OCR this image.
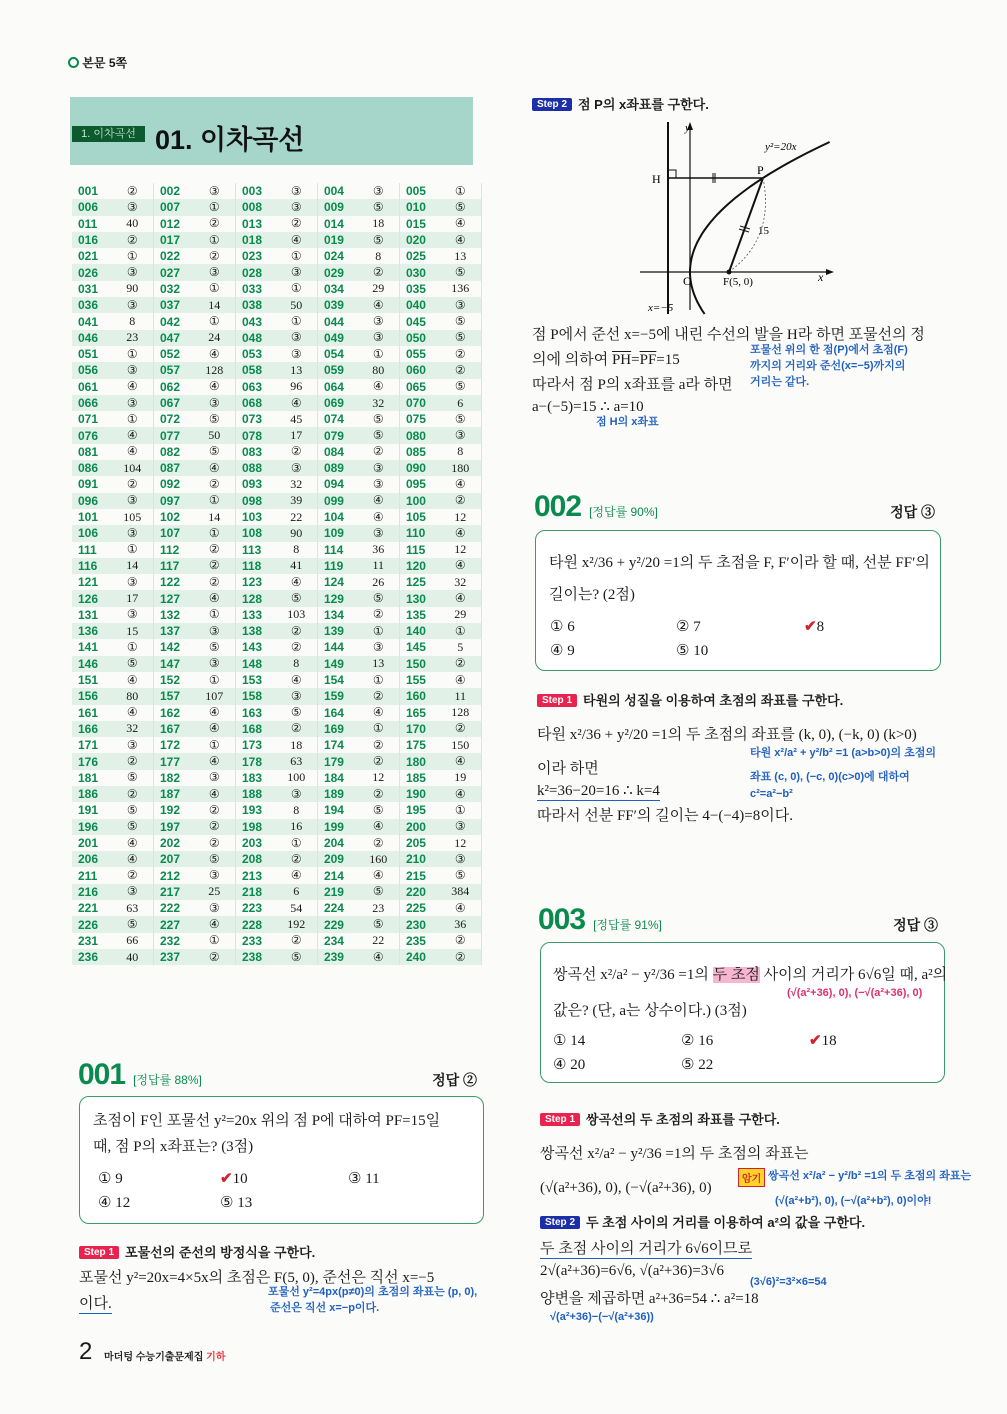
본문 5쪽
1. 이차곡선 01. 이차곡선
001	②	002	③	003	③	004	③	005	①
006	③	007	①	008	③	009	⑤	010	⑤
011	40	012	②	013	②	014	18	015	④
016	②	017	①	018	④	019	⑤	020	④
021	①	022	②	023	①	024	8	025	13
026	③	027	③	028	③	029	②	030	⑤
031	90	032	①	033	①	034	29	035	136
036	③	037	14	038	50	039	④	040	③
041	8	042	①	043	①	044	③	045	⑤
046	23	047	24	048	③	049	③	050	⑤
051	①	052	④	053	③	054	①	055	②
056	③	057	128	058	13	059	80	060	②
061	④	062	④	063	96	064	④	065	⑤
066	③	067	③	068	④	069	32	070	6
071	①	072	⑤	073	45	074	⑤	075	⑤
076	④	077	50	078	17	079	⑤	080	③
081	④	082	⑤	083	②	084	②	085	8
086	104	087	④	088	③	089	③	090	180
091	②	092	②	093	32	094	③	095	④
096	③	097	①	098	39	099	④	100	②
101	105	102	14	103	22	104	④	105	12
106	③	107	①	108	90	109	③	110	④
111	①	112	②	113	8	114	36	115	12
116	14	117	②	118	41	119	11	120	④
121	③	122	②	123	④	124	26	125	32
126	17	127	④	128	⑤	129	⑤	130	④
131	③	132	①	133	103	134	②	135	29
136	15	137	③	138	②	139	①	140	①
141	①	142	⑤	143	②	144	③	145	5
146	⑤	147	③	148	8	149	13	150	②
151	④	152	①	153	④	154	①	155	④
156	80	157	107	158	③	159	②	160	11
161	④	162	④	163	⑤	164	④	165	128
166	32	167	④	168	②	169	①	170	②
171	③	172	①	173	18	174	②	175	150
176	②	177	④	178	63	179	②	180	④
181	⑤	182	③	183	100	184	12	185	19
186	②	187	④	188	③	189	②	190	④
191	⑤	192	②	193	8	194	⑤	195	①
196	⑤	197	②	198	16	199	④	200	③
201	④	202	②	203	①	204	②	205	12
206	④	207	⑤	208	②	209	160	210	③
211	②	212	③	213	④	214	④	215	⑤
216	③	217	25	218	6	219	⑤	220	384
221	63	222	③	223	54	224	23	225	④
226	⑤	227	④	228	192	229	⑤	230	36
231	66	232	①	233	②	234	22	235	②
236	40	237	②	238	⑤	239	④	240	②
001 [정답률 88%]	정답 ②
초점이 F인 포물선 y²=20x 위의 점 P에 대하여 PF=15일
때, 점 P의 x좌표는? (3점)
① 9	✔10	③ 11
④ 12	⑤ 13
Step 1 포물선의 준선의 방정식을 구한다.
포물선 y²=20x=4×5x의 초점은 F(5, 0), 준선은 직선 x=−5
이다.
포물선 y²=4px(p≠0)의 초점의 좌표는 (p, 0),
준선은 직선 x=−p이다.
2 마더텅 수능기출문제집 기하
Step 2 점 P의 x좌표를 구한다.
y
x
O
H
P
y²=20x
15
F(5, 0)
x=−5
점 P에서 준선 x=−5에 내린 수선의 발을 H라 하면 포물선의 정
의에 의하여 $\overline{PH}=\overline{PF}=15$
따라서 점 P의 x좌표를 a라 하면
a−(−5)=15 ∴ a=10
포물선 위의 한 점(P)에서 초점(F)
까지의 거리와 준선(x=−5)까지의
거리는 같다.
점 H의 x좌표
002 [정답률 90%]	정답 ③
타원 x²/36 + y²/20 =1의 두 초점을 F, F′이라 할 때, 선분 FF′의
길이는? (2점)
① 6	② 7	✔8
④ 9	⑤ 10
Step 1 타원의 성질을 이용하여 초점의 좌표를 구한다.
타원 x²/36 + y²/20 =1의 두 초점의 좌표를 (k, 0), (−k, 0) (k>0)
이라 하면
k²=36−20=16 ∴ k=4
따라서 선분 FF′의 길이는 4−(−4)=8이다.
타원 x²/a² + y²/b² =1 (a>b>0)의 초점의
좌표 (c, 0), (−c, 0)(c>0)에 대하여
c²=a²−b²
003 [정답률 91%]	정답 ③
쌍곡선 x²/a² − y²/36 =1의 두 초점 사이의 거리가 6√6일 때, a²의
(√(a²+36), 0), (−√(a²+36), 0)
값은? (단, a는 상수이다.) (3점)
① 14	② 16	✔18
④ 20	⑤ 22
Step 1 쌍곡선의 두 초점의 좌표를 구한다.
쌍곡선 x²/a² − y²/36 =1의 두 초점의 좌표는
(√(a²+36), 0), (−√(a²+36), 0)
암기 쌍곡선 x²/a² − y²/b² =1의 두 초점의 좌표는
(√(a²+b²), 0), (−√(a²+b²), 0)이야!
Step 2 두 초점 사이의 거리를 이용하여 a²의 값을 구한다.
두 초점 사이의 거리가 6√6이므로
2√(a²+36)=6√6, √(a²+36)=3√6
양변을 제곱하면 a²+36=54 ∴ a²=18
(3√6)²=3²×6=54
√(a²+36)−(−√(a²+36))
